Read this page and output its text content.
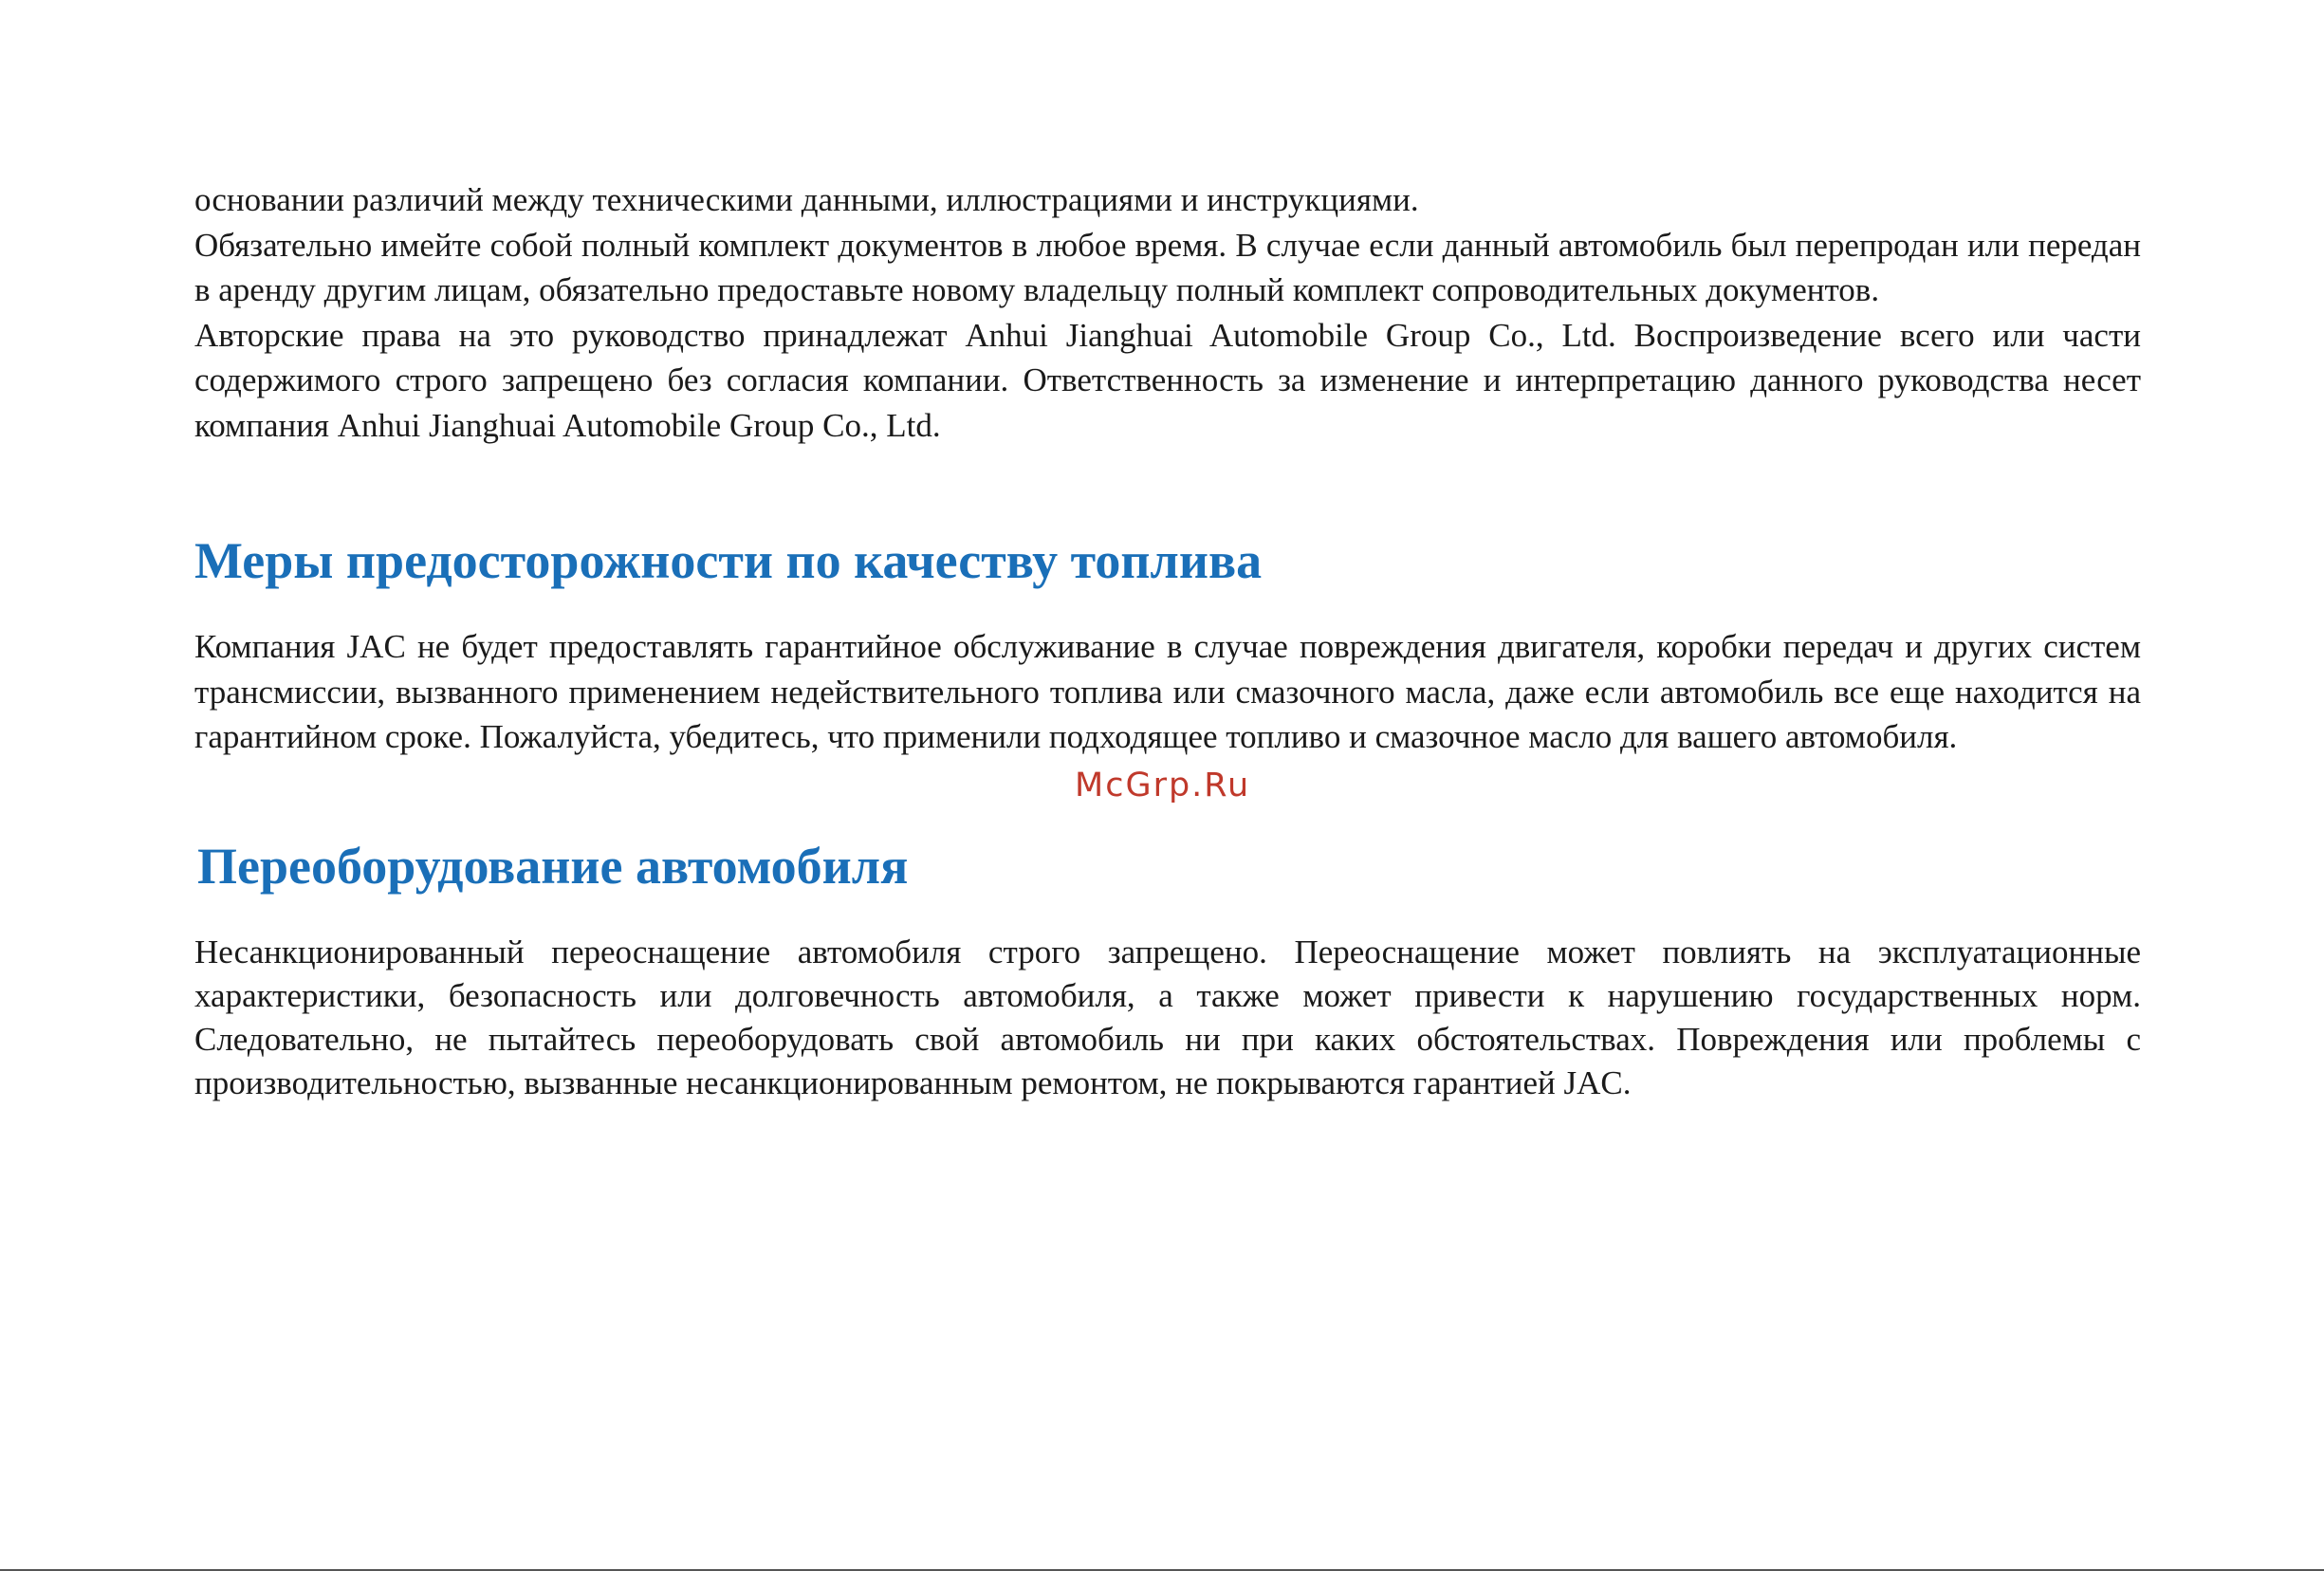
основании различий между техническими данными, иллюстрациями и инструкциями.

Обязательно имейте собой полный комплект документов в любое время. В случае если данный автомобиль был перепродан или передан в аренду другим лицам, обязательно предоставьте новому владельцу полный комплект сопроводительных документов.

Авторские права на это руководство принадлежат Anhui Jianghuai Automobile Group Co., Ltd. Воспроизведение всего или части содержимого строго запрещено без согласия компании. Ответственность за изменение и интерпретацию данного руководства несет компания Anhui Jianghuai Automobile Group Co., Ltd.

Меры предосторожности по качеству топлива

Компания JAC не будет предоставлять гарантийное обслуживание в случае повреждения двигателя, коробки передач и других систем трансмиссии, вызванного применением недействительного топлива или смазочного масла, даже если автомобиль все еще находится на гарантийном сроке. Пожалуйста, убедитесь, что применили подходящее топливо и смазочное масло для вашего автомобиля.

McGrp.Ru
Переоборудование автомобиля

Несанкционированный переоснащение автомобиля строго запрещено. Переоснащение может повлиять на эксплуатационные характеристики, безопасность или долговечность автомобиля, а также может привести к нарушению государственных норм. Следовательно, не пытайтесь переоборудовать свой автомобиль ни при каких обстоятельствах. Повреждения или проблемы с производительностью, вызванные несанкционированным ремонтом, не покрываются гарантией JAC.
